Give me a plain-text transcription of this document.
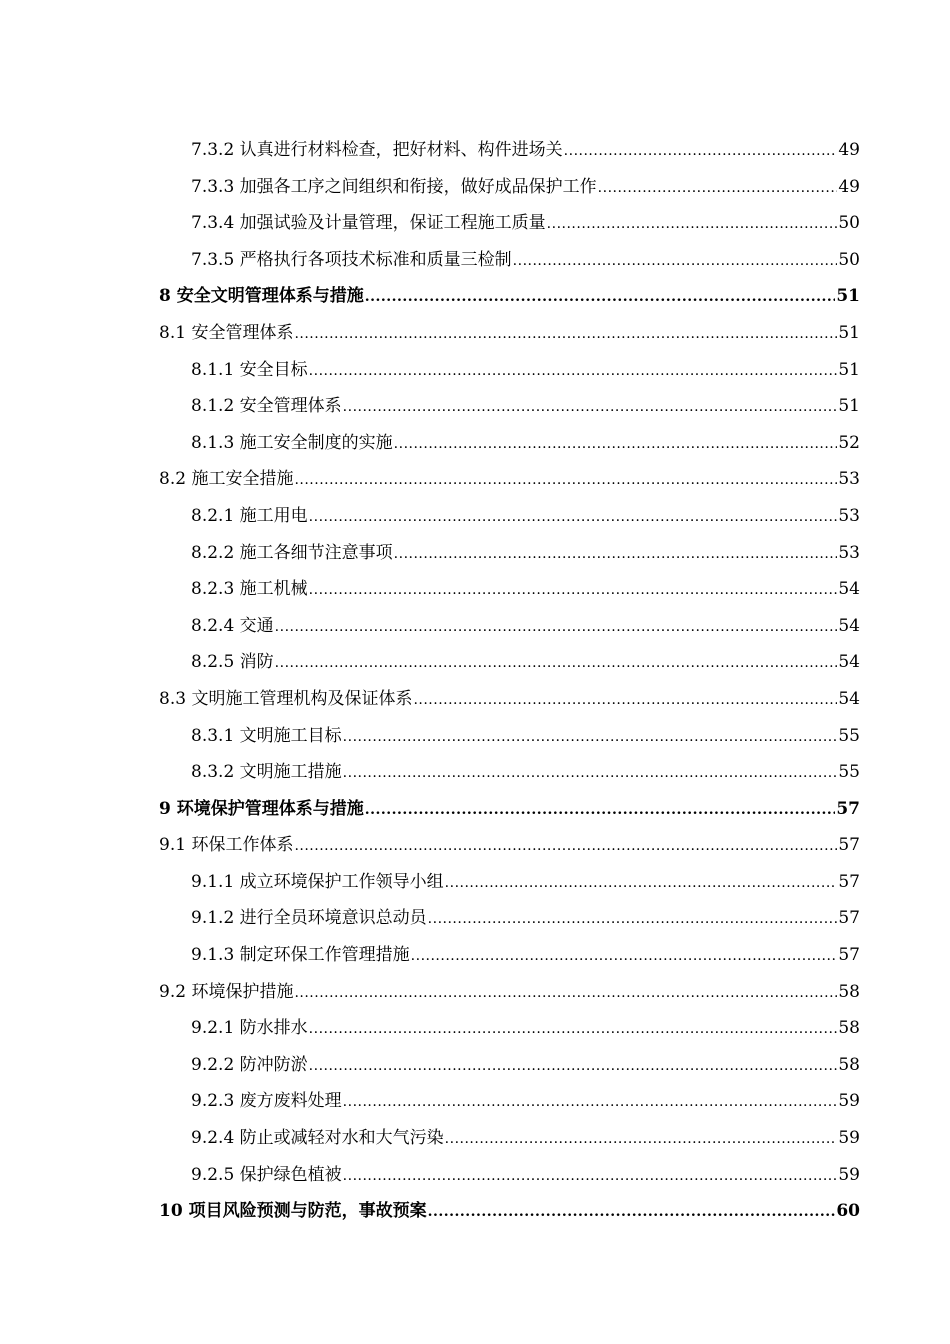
7.3.2 认真进行材料检查，把好材料、构件进场关 .....	49
7.3.3 加强各工序之间组织和衔接，做好成品保护工作 .....	49
7.3.4 加强试验及计量管理，保证工程施工质量 .....	50
7.3.5 严格执行各项技术标准和质量三检制 .....	50
8 安全文明管理体系与措施 .....	51
8.1 安全管理体系 .....	51
8.1.1 安全目标 .....	51
8.1.2 安全管理体系 .....	51
8.1.3 施工安全制度的实施 .....	52
8.2 施工安全措施 .....	53
8.2.1 施工用电 .....	53
8.2.2 施工各细节注意事项 .....	53
8.2.3 施工机械 .....	54
8.2.4 交通 .....	54
8.2.5 消防 .....	54
8.3 文明施工管理机构及保证体系 .....	54
8.3.1 文明施工目标 .....	55
8.3.2 文明施工措施 .....	55
9 环境保护管理体系与措施 .....	57
9.1 环保工作体系 .....	57
9.1.1 成立环境保护工作领导小组 .....	57
9.1.2 进行全员环境意识总动员 .....	57
9.1.3 制定环保工作管理措施 .....	57
9.2 环境保护措施 .....	58
9.2.1 防水排水 .....	58
9.2.2 防冲防淤 .....	58
9.2.3 废方废料处理 .....	59
9.2.4 防止或减轻对水和大气污染 .....	59
9.2.5 保护绿色植被 .....	59
10 项目风险预测与防范，事故预案 .....	60
